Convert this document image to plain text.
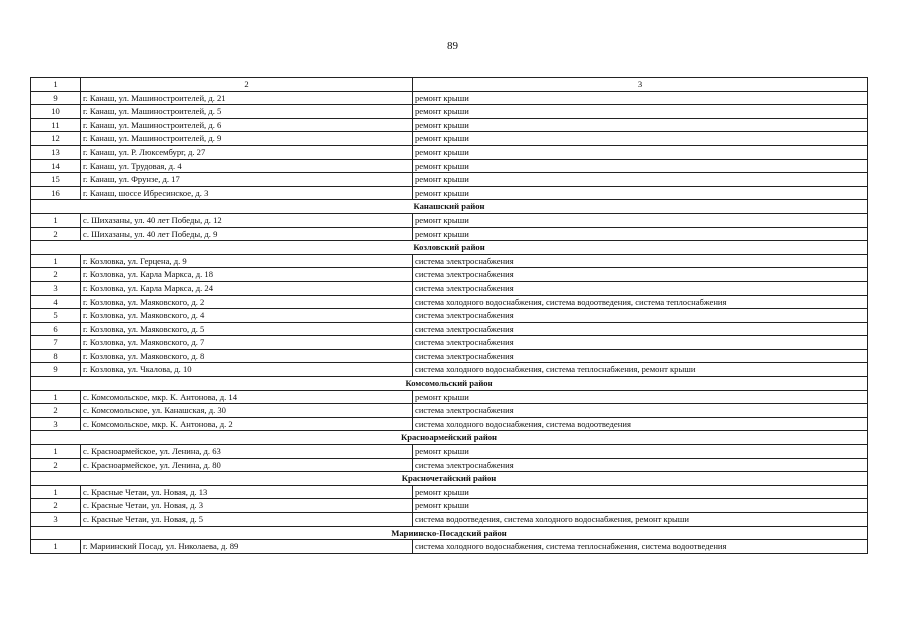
89
1	2	3
9	г. Канаш, ул. Машиностроителей, д. 21	ремонт крыши
10	г. Канаш, ул. Машиностроителей, д. 5	ремонт крыши
11	г. Канаш, ул. Машиностроителей, д. 6	ремонт крыши
12	г. Канаш, ул. Машиностроителей, д. 9	ремонт крыши
13	г. Канаш, ул. Р. Люксембург, д. 27	ремонт крыши
14	г. Канаш, ул. Трудовая, д. 4	ремонт крыши
15	г. Канаш, ул. Фрунзе, д. 17	ремонт крыши
16	г. Канаш, шоссе Ибресинское, д. 3	ремонт крыши
Канашский район		
1	с. Шихазаны, ул. 40 лет Победы, д. 12	ремонт крыши
2	с. Шихазаны, ул. 40 лет Победы, д. 9	ремонт крыши
Козловский район		
1	г. Козловка, ул. Герцена, д. 9	система электроснабжения
2	г. Козловка, ул. Карла Маркса, д. 18	система электроснабжения
3	г. Козловка, ул. Карла Маркса, д. 24	система электроснабжения
4	г. Козловка, ул. Маяковского, д. 2	система холодного водоснабжения, система водоотведения, система теплоснабжения
5	г. Козловка, ул. Маяковского, д. 4	система электроснабжения
6	г. Козловка, ул. Маяковского, д. 5	система электроснабжения
7	г. Козловка, ул. Маяковского, д. 7	система электроснабжения
8	г. Козловка, ул. Маяковского, д. 8	система электроснабжения
9	г. Козловка, ул. Чкалова, д. 10	система холодного водоснабжения, система теплоснабжения, ремонт крыши
Комсомольский район		
1	с. Комсомольское, мкр. К. Антонова, д. 14	ремонт крыши
2	с. Комсомольское, ул. Канашская, д. 30	система электроснабжения
3	с. Комсомольское, мкр. К. Антонова, д. 2	система холодного водоснабжения, система водоотведения
Красноармейский район		
1	с. Красноармейское, ул. Ленина, д. 63	ремонт крыши
2	с. Красноармейское, ул. Ленина, д. 80	система электроснабжения
Красночетайский район		
1	с. Красные Четаи, ул. Новая, д. 13	ремонт крыши
2	с. Красные Четаи, ул. Новая, д. 3	ремонт крыши
3	с. Красные Четаи, ул. Новая, д. 5	система водоотведения, система холодного водоснабжения, ремонт крыши
Мариинско-Посадский район		
1	г. Мариинский Посад, ул. Николаева, д. 89	система холодного водоснабжения, система теплоснабжения, система водоотведения
